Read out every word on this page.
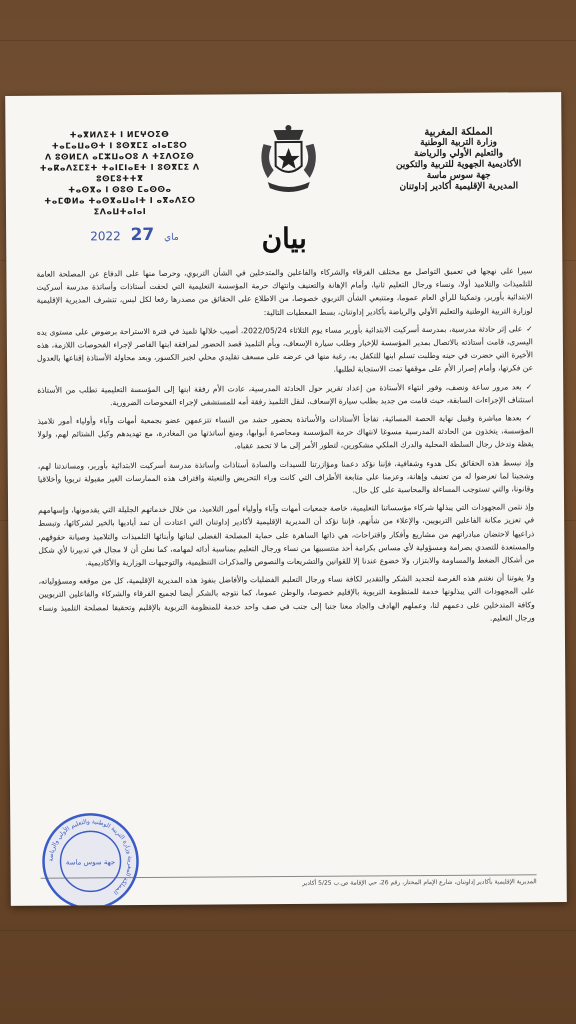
المملكة المغربية
وزارة التربية الوطنية
والتعليم الأولي والرياضة
الأكاديمية الجهوية للتربية والتكوين
جهة سوس ماسة
المديرية الإقليمية أكادير إداوتنان
ⵜⴰⴳⵍⴷⵉⵜ ⵏ ⵍⵎⵖⵔⵉⴱ
ⵜⴰⵎⴰⵡⴰⵙⵜ ⵏ ⵓⵙⴳⵎⵉ ⴰⵏⴰⵎⵓⵔ
ⴷ ⵓⵙⵍⵎⴷ ⴰⵎⵣⵡⴰⵔⵓ ⴷ ⵜⵉⴷⵔⵉⵙ
ⵜⴰⴽⴰⴷⵉⵎⵉⵜ ⵜⴰⵏⵎⵏⴰⴹⵜ ⵏ ⵓⵙⴳⵎⵉ ⴷ ⵓⵙⵎⵓⵜⵜⴳ
ⵜⴰⵙⴳⴰ ⵏ ⵙⵓⵙ ⵎⴰⵙⵙⴰ
ⵜⴰⵎⵀⵍⴰ ⵜⴰⵙⴳⴰⵡⴰⵏⵜ ⵏ ⴰⴳⴰⴷⵉⵔ ⵉⴷⴰⵡⵜⴰⵏⴰⵏ
2022	ماي 27	بيان

سيرا على نهجها في تعميق التواصل مع مختلف الفرقاء والشركاء والفاعلين والمتدخلين في الشأن التربوي، وحرصا منها على الدفاع عن المصلحة العامة للتلميذات والتلاميذ أولا، ونساء ورجال التعليم ثانيا، وأمام الإهانة والتعنيف وانتهاك حرمة المؤسسة التعليمية التي لحقت أستاذات وأساتذة مدرسة أسركيت الابتدائية بأوربر، وتمكينا للرأي العام عموما، ومتتبعي الشأن التربوي خصوصا، من الاطلاع على الحقائق من مصدرها رفعا لكل لبس، تتشرف المديرية الإقليمية لوزارة التربية الوطنية والتعليم الأولي والرياضة بأكادير إداوتنان، بسط المعطيات التالية:

✓على إثر حادثة مدرسية، بمدرسة أسركيت الابتدائية بأوربر مساء يوم الثلاثاء 2022/05/24، أصيب خلالها تلميذ في فترة الاستراحة برضوض على مستوى يده اليسرى، قامت أستاذته بالاتصال بمدير المؤسسة للإخبار وطلب سيارة الإسعاف، وبأم التلميذ قصد الحضور لمرافقة ابنها القاصر لإجراء الفحوصات اللازمة، هذه الأخيرة التي حضرت في حينه وطلبت تسلم ابنها للتكفل به، رغبة منها في عرضه على مسعف تقليدي محلي لجبر الكسور، وبعد محاولة الأستاذة إقناعها بالعدول عن فكرتها، وأمام إصرار الأم على موقفها تمت الاستجابة لطلبها.

✓بعد مرور ساعة ونصف، وفور انتهاء الأستاذة من إعداد تقرير حول الحادثة المدرسية، عادت الأم رفقة ابنها إلى المؤسسة التعليمية تطلب من الأستاذة استئناف الإجراءات السابقة، حيث قامت من جديد بطلب سيارة الإسعاف، لنقل التلميذ رفقة أمه للمستشفى لإجراء الفحوصات الضرورية.

✓بعدها مباشرة وقبيل نهاية الحصة المسائية، تفاجأ الأستاذات والأساتذة بحضور حشد من النساء تتزعمهن عضو بجمعية أمهات وآباء وأولياء أمور تلاميذ المؤسسة، يتخذون من الحادثة المدرسية مسوغا لانتهاك حرمة المؤسسة ومحاصرة أبوابها، ومنع أساتذتها من المغادرة، مع تهديدهم وكيل الشتائم لهم، ولولا يقظة وتدخل رجال السلطة المحلية والدرك الملكي مشكورين، لتطور الأمر إلى ما لا تحمد عقباه.

وإذ نبسط هذه الحقائق بكل هدوء وشفافية، فإننا نؤكد دعمنا ومؤازرتنا للسيدات والسادة أستاذات وأساتذة مدرسة أسركيت الابتدائية بأوربر، ومساندتنا لهم، وشجبنا لما تعرضوا له من تعنيف وإهانة، وعزمنا على متابعة الأطراف التي كانت وراء التحريض والتعبئة واقتراف هذه الممارسات الغير مقبولة تربويا وأخلاقيا وقانونا، والتي تستوجب المساءلة والمحاسبة على كل حال.

وإذ نثمن المجهودات التي يبذلها شركاء مؤسساتنا التعليمية، خاصة جمعيات أمهات وآباء وأولياء أمور التلاميذ، من خلال خدماتهم الجليلة التي يقدمونها، وإسهامهم في تعزيز مكانة الفاعلين التربويين، والإعلاء من شأنهم، فإننا نؤكد أن المديرية الإقليمية لأكادير إداوتنان التي اعتادت أن تمد أياديها بالخير لشركائها، وتبسط ذراعيها لاحتضان مبادراتهم من مشاريع وأفكار واقتراحات، هي ذاتها الساهرة على حماية المصلحة الفضلى لبناتها وأبنائها التلميذات والتلاميذ وصيانة حقوقهم، والمستعدة للتصدي بصرامة ومسؤولية لأي مساس بكرامة أحد منتسبيها من نساء ورجال التعليم بمناسبة أدائه لمهامه، كما نعلن أن لا مجال في تدبيرنا لأي شكل من أشكال الضغط والمساومة والابتزاز، ولا خضوع عندنا إلا للقوانين والتشريعات والنصوص والمذكرات التنظيمية، والتوجيهات الوزارية والأكاديمية.

ولا يفوتنا أن نغتنم هذه الفرصة لتجديد الشكر والتقدير لكافة نساء ورجال التعليم الفضليات والأفاضل بنفوذ هذه المديرية الإقليمية، كل من موقعه ومسؤولياته، على المجهودات التي يبذلونها خدمة للمنظومة التربوية بالإقليم خصوصا، والوطن عموما، كما نتوجه بالشكر أيضا لجميع الفرقاء والشركاء والفاعلين التربويين وكافة المتدخلين على دعمهم لنا، وعملهم الهادف والجاد معنا جنبا إلى جنب في صف واحد خدمة للمنظومة التربوية بالإقليم وتحقيقا لمصلحة التلميذ ونساء ورجال التعليم.

المديرية الإقليمية بأكادير إداوتنان، شارع الإمام المختار، رقم 26، حي الإقامة ص.ب 5/25 أكادير
المملكة المغربية وزارة التربية الوطنية والتعليم الأولي والرياضة
جهة سوس ماسة
